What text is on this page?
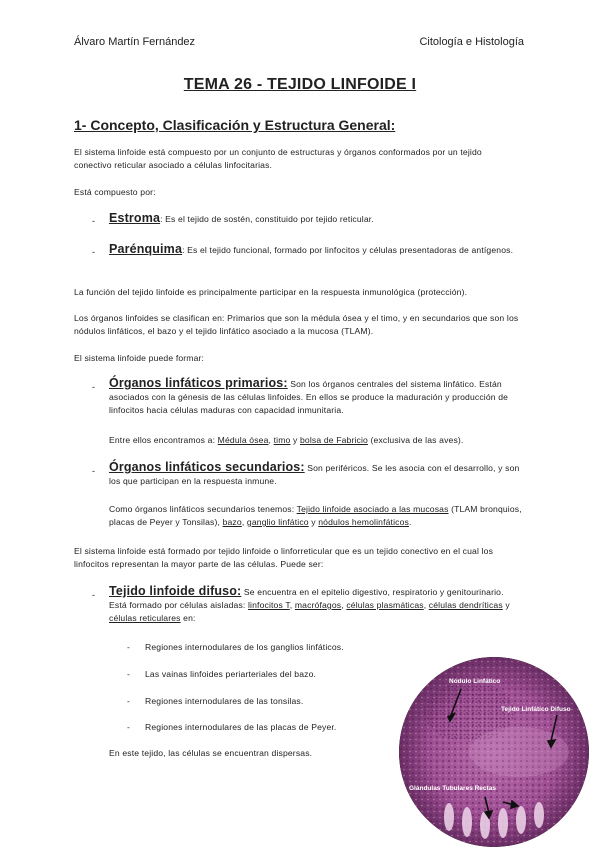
Álvaro Martín Fernández	Citología e Histología
TEMA 26 - TEJIDO LINFOIDE I
1- Concepto, Clasificación y Estructura General:
El sistema linfoide está compuesto por un conjunto de estructuras y órganos conformados por un tejido conectivo reticular asociado a células linfocitarias.
Está compuesto por:
- Estroma: Es el tejido de sostén, constituido por tejido reticular.
- Parénquima: Es el tejido funcional, formado por linfocitos y células presentadoras de antígenos.
La función del tejido linfoide es principalmente participar en la respuesta inmunológica (protección).
Los órganos linfoides se clasifican en: Primarios que son la médula ósea y el timo, y en secundarios que son los nódulos linfáticos, el bazo y el tejido linfático asociado a la mucosa (TLAM).
El sistema linfoide puede formar:
- Órganos linfáticos primarios: Son los órganos centrales del sistema linfático. Están asociados con la génesis de las células linfoides. En ellos se produce la maduración y producción de linfocitos hacia células maduras con capacidad inmunitaria.
Entre ellos encontramos a: Médula ósea, timo y bolsa de Fabricio (exclusiva de las aves).
- Órganos linfáticos secundarios: Son periféricos. Se les asocia con el desarrollo, y son los que participan en la respuesta inmune.
Como órganos linfáticos secundarios tenemos: Tejido linfoide asociado a las mucosas (TLAM bronquios, placas de Peyer y Tonsilas), bazo, ganglio linfático y nódulos hemolinfáticos.
El sistema linfoide está formado por tejido linfoide o linforreticular que es un tejido conectivo en el cual los linfocitos representan la mayor parte de las células. Puede ser:
- Tejido linfoide difuso: Se encuentra en el epitelio digestivo, respiratorio y genitourinario. Está formado por células aisladas: linfocitos T, macrófagos, células plasmáticas, células dendríticas y células reticulares en:
- Regiones internodulares de los ganglios linfáticos.
- Las vainas linfoides periarteriales del bazo.
- Regiones internodulares de las tonsilas.
- Regiones internodulares de las placas de Peyer.
En este tejido, las células se encuentran dispersas.
Nódulo Linfático
Tejido Linfático Difuso
Glándulas Tubulares Rectas
